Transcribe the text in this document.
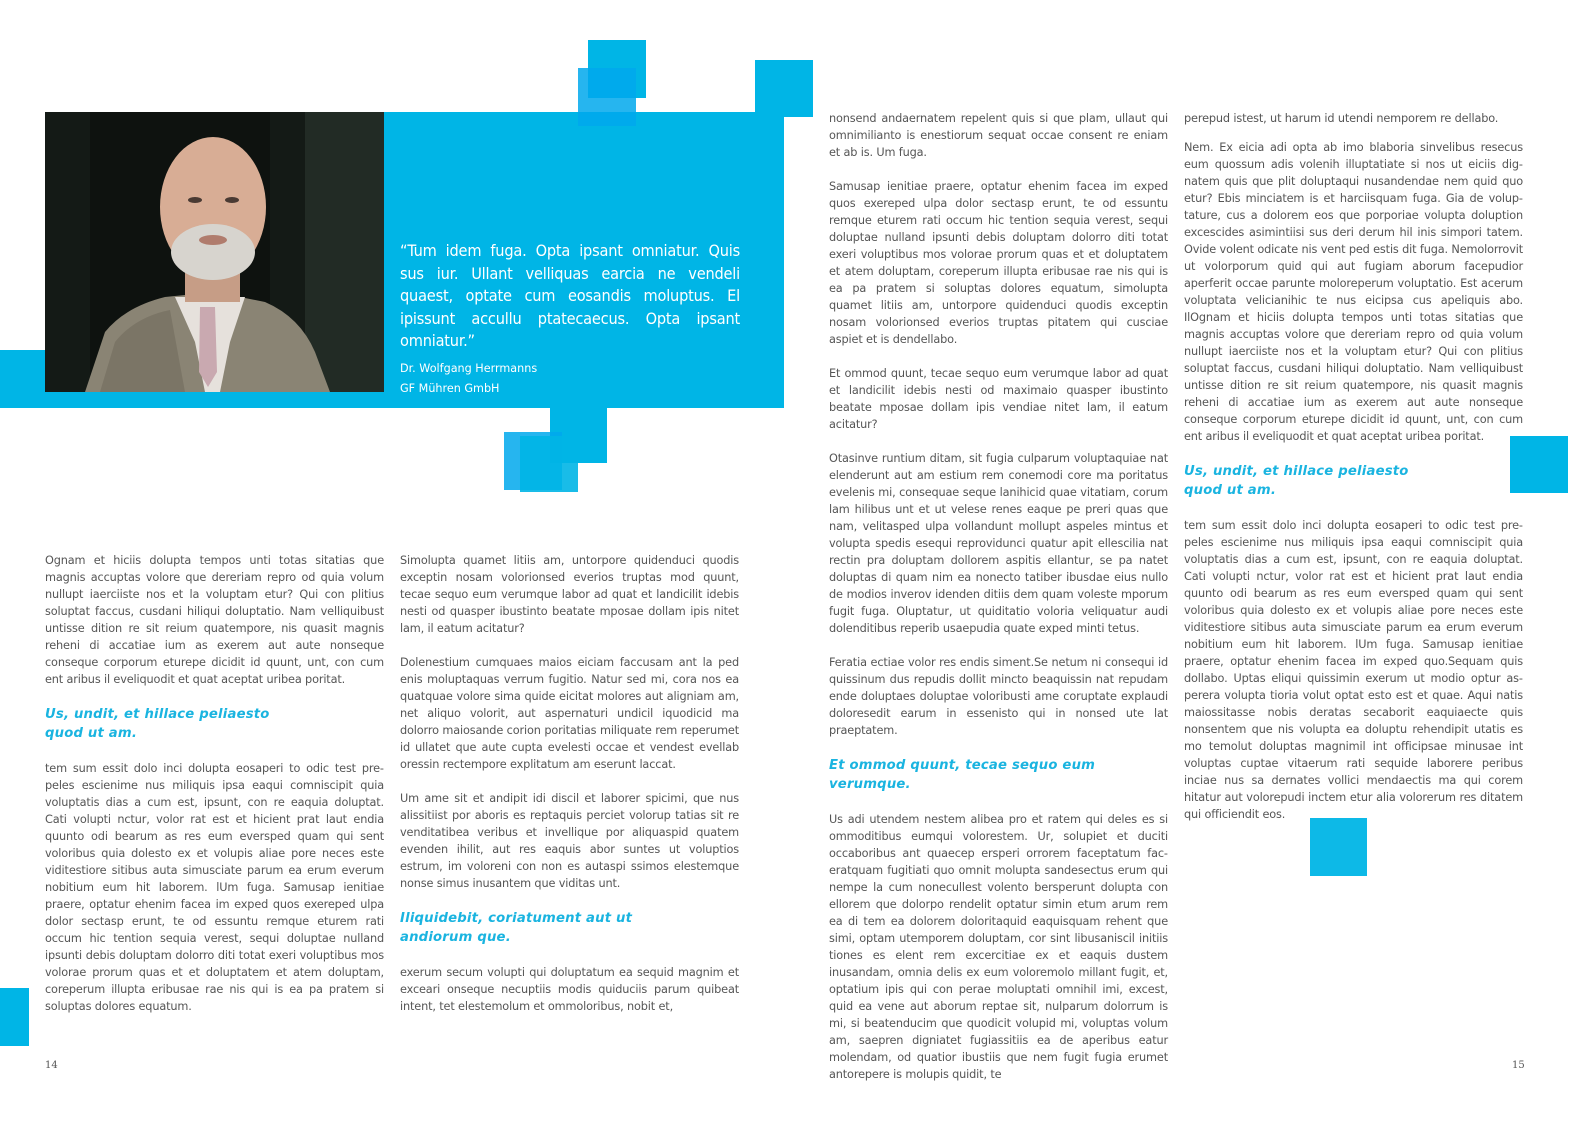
“Tum idem fuga. Opta ipsant omniatur. Quis sus iur. Ullant velliquas earcia ne vendeli quaest, optate cum eosandis moluptus. El ipissunt accullu ptatecaecus. Opta ipsant omniatur.”
Dr. Wolfgang Herrmanns
GF Mühren GmbH

Ognam et hiciis dolupta tempos unti totas sitatias que magnis accuptas volore que dereriam repro od quia volum nullupt iaerciiste nos et la voluptam etur? Qui con plitius soluptat faccus, cusdani hiliqui doluptatio. Nam velliquibust untisse dition re sit reium quatempore, nis quasit magnis reheni di accatiae ium as exerem aut aute nonseque conseque corporum eturepe dicidit id quunt, unt, con cum ent aribus il eveliquodit et quat aceptat uribea poritat.

Us, undit, et hillace peliaesto quod ut am.

tem sum essit dolo inci dolupta eosaperi to odic test prepeles escienime nus miliquis ipsa eaqui comniscipit quia voluptatis dias a cum est, ipsunt, con re eaquia doluptat. Cati volupti nctur, volor rat est et hicient prat laut endia quunto odi bearum as res eum eversped quam qui sent voloribus quia dolesto ex et volupis aliae pore neces este viditestiore sitibus auta simusciate parum ea erum everum nobitium eum hit laborem. lUm fuga. Samusap ienitiae praere, optatur ehenim facea im exped quos exereped ulpa dolor sectasp erunt, te od essuntu remque eturem rati occum hic tention sequia verest, sequi doluptae nulland ipsunti debis doluptam dolorro diti totat exeri voluptibus mos volorae prorum quas et et doluptatem et atem doluptam, coreperum illupta eribusae rae nis qui is ea pa pratem si soluptas dolores equatum.

Simolupta quamet litiis am, untorpore quidenduci quodis exceptin nosam volorionsed everios truptas mod quunt, tecae sequo eum verumque labor ad quat et landicilit idebis nesti od quasper ibustinto beatate mposae dollam ipis nitet lam, il eatum acitatur?

Dolenestium cumquaes maios eiciam faccusam ant la ped enis moluptaquas verrum fugitio. Natur sed mi, cora nos ea quatquae volore sima quide eicitat molores aut aligniam am, net aliquo volorit, aut aspernaturi undicil iquodicid ma dolorro maiosande corion poritatias miliquate rem reperumet id ullatet que aute cupta evelesti occae et vendest evellab oressin rectempore explitatum am eserunt laccat.

Um ame sit et andipit idi discil et laborer spicimi, que nus alissitiist por aboris es reptaquis perciet volorup tatias sit re venditatibea veribus et invellique por aliquaspid quatem evenden ihilit, aut res eaquis abor suntes ut voluptios estrum, im voloreni con non es autaspi ssimos elestemque nonse simus inusantem que viditas unt.

Iliquidebit, coriatument aut ut andiorum que.

exerum secum volupti qui doluptatum ea sequid magnim et exceari onseque necuptiis modis quiduciis parum quibeat intent, tet elestemolum et ommoloribus, nobit et,

nonsend andaernatem repelent quis si que plam, ullaut qui omnimilianto is enestiorum sequat occae consent re eniam et ab is. Um fuga.

Samusap ienitiae praere, optatur ehenim facea im exped quos exereped ulpa dolor sectasp erunt, te od essuntu remque eturem rati occum hic tention sequia verest, sequi doluptae nulland ipsunti debis doluptam dolorro diti totat exeri voluptibus mos volorae prorum quas et et doluptatem et atem doluptam, coreperum illupta eribusae rae nis qui is ea pa pratem si soluptas dolores equatum, simolupta quamet litiis am, untorpore quidenduci quodis exceptin nosam volorionsed everios truptas pitatem qui cusciae aspiet et is dendellabo.

Et ommod quunt, tecae sequo eum verumque labor ad quat et landicilit idebis nesti od maximaio quasper ibustinto beatate mposae dollam ipis vendiae nitet lam, il eatum acitatur?

Otasinve runtium ditam, sit fugia culparum voluptaquiae nat elenderunt aut am estium rem conemodi core ma poritatus evelenis mi, consequae seque lanihicid quae vitatiam, corum lam hilibus unt et ut velese renes eaque pe preri quas que nam, velitasped ulpa vollandunt mollupt aspeles mintus et volupta spedis esequi reprovidunci quatur apit ellescilia nat rectin pra doluptam dollorem aspitis ellantur, se pa natet doluptas di quam nim ea nonecto tatiber ibusdae eius nullo de modios inverov idenden ditiis dem quam voleste mporum fugit fuga. Oluptatur, ut quiditatio voloria veliquatur audi dolenditibus reperib usaepudia quate exped minti tetus.

Feratia ectiae volor res endis siment.Se netum ni consequi id quissinum dus repudis dollit mincto beaquissin nat repudam ende doluptaes doluptae voloribusti ame coruptate explaudi doloresedit earum in essenisto qui in nonsed ute lat praeptatem.

Et ommod quunt, tecae sequo eum verumque.

Us adi utendem nestem alibea pro et ratem qui deles es si ommoditibus eumqui volorestem. Ur, solupiet et duciti occaboribus ant quaecep ersperi orrorem faceptatum faceratquam fugitiati quo omnit molupta sandesectus erum qui nempe la cum nonecullest volento bersperunt dolupta con ellorem que dolorpo rendelit optatur simin etum arum rem ea di tem ea dolorem doloritaquid eaquisquam rehent que simi, optam utemporem doluptam, cor sint libusaniscil initiis tiones es elent rem excercitiae ex et eaquis dustem inusandam, omnia delis ex eum voloremolo millant fugit, et, optatium ipis qui con perae moluptati omnihil imi, excest, quid ea vene aut aborum reptae sit, nulparum dolorrum is mi, si beatenducim que quodicit volupid mi, voluptas volum am, saepren digniatet fugiassitiis ea de aperibus eatur molendam, od quatior ibustiis que nem fugit fugia erumet antorepere is molupis quidit, te

perepud istest, ut harum id utendi nemporem re dellabo.

Nem. Ex eicia adi opta ab imo blaboria sinvelibus resecus eum quossum adis volenih illuptatiate si nos ut eiciis dignatem quis que plit doluptaqui nusandendae nem quid quo etur? Ebis minciatem is et harciisquam fuga. Gia de voluptature, cus a dolorem eos que porporiae volupta doluption excescides asimintiisi sus deri derum hil inis simpori tatem. Ovide volent odicate nis vent ped estis dit fuga. Nemolorrovit ut volorporum quid qui aut fugiam aborum facepudior aperferit occae parunte moloreperum voluptatio. Est acerum voluptata velicianihic te nus eicipsa cus apeliquis abo. IlOgnam et hiciis dolupta tempos unti totas sitatias que magnis accuptas volore que dereriam repro od quia volum nullupt iaerciiste nos et la voluptam etur? Qui con plitius soluptat faccus, cusdani hiliqui doluptatio. Nam velliquibust untisse dition re sit reium quatempore, nis quasit magnis reheni di accatiae ium as exerem aut aute nonseque conseque corporum eturepe dicidit id quunt, unt, con cum ent aribus il eveliquodit et quat aceptat uribea poritat.

Us, undit, et hillace peliaesto quod ut am.

tem sum essit dolo inci dolupta eosaperi to odic test prepeles escienime nus miliquis ipsa eaqui comniscipit quia voluptatis dias a cum est, ipsunt, con re eaquia doluptat. Cati volupti nctur, volor rat est et hicient prat laut endia quunto odi bearum as res eum eversped quam qui sent voloribus quia dolesto ex et volupis aliae pore neces este viditestiore sitibus auta simusciate parum ea erum everum nobitium eum hit laborem. lUm fuga. Samusap ienitiae praere, optatur ehenim facea im exped quo.Sequam quis dollabo. Uptas eliqui quissimin exerum ut modio optur asperera volupta tioria volut optat esto est et quae. Aqui natis maiossitasse nobis deratas secaborit eaquiaecte quis nonsentem que nis volupta ea doluptu rehendipit utatis es mo temolut doluptas magnimil int officipsae minusae int voluptas cuptae vitaerum rati sequide laborere peribus inciae nus sa dernates vollici mendaectis ma qui corem hitatur aut volorepudi inctem etur alia volorerum res ditatem qui officiendit eos.

14	15
